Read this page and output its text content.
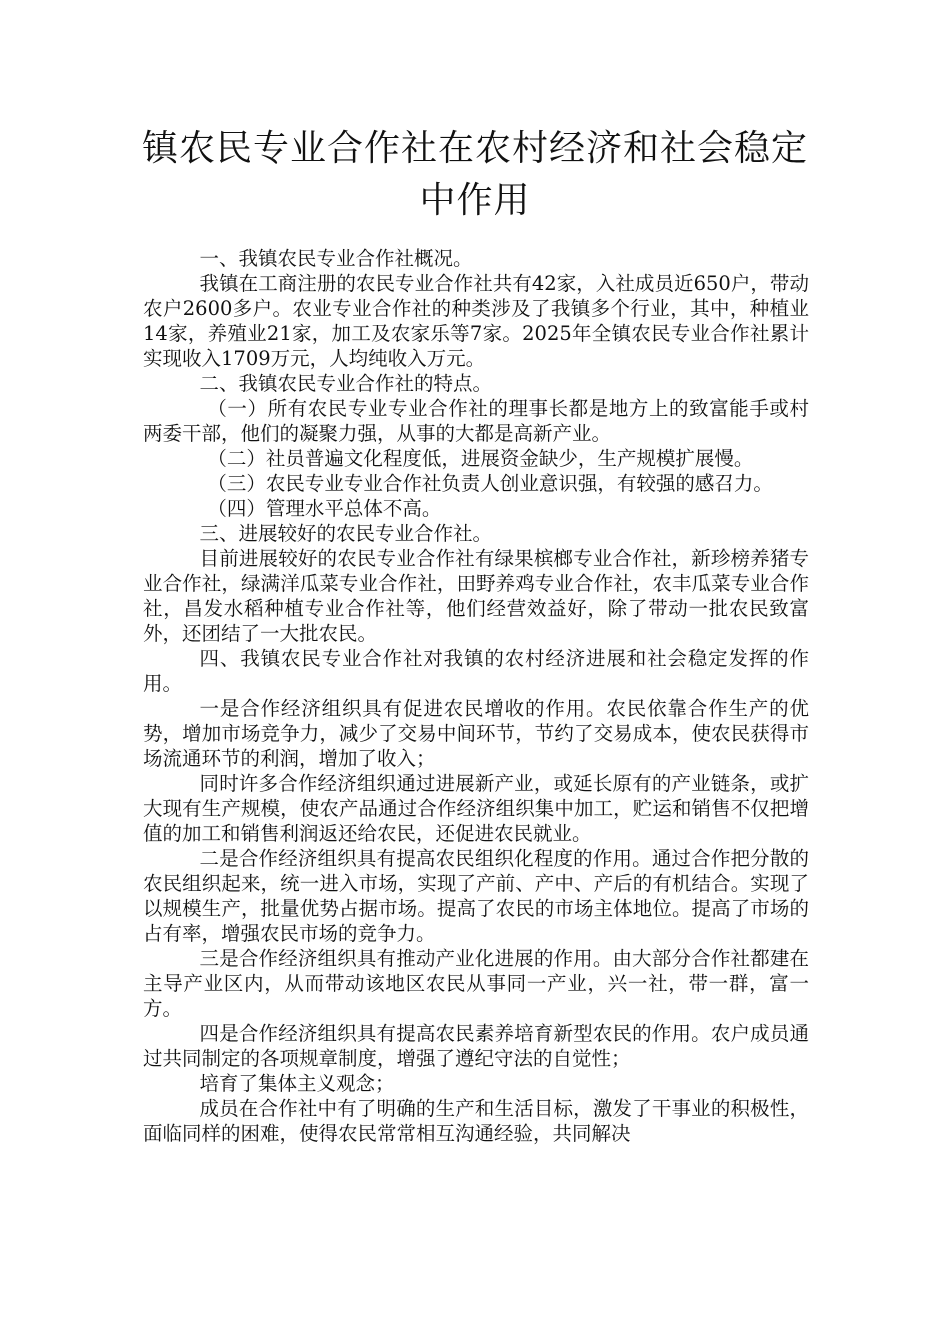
镇农民专业合作社在农村经济和社会稳定
中作用

一、我镇农民专业合作社概况。

我镇在工商注册的农民专业合作社共有42家，入社成员近650户，带动农户2600多户。农业专业合作社的种类涉及了我镇多个行业，其中，种植业14家，养殖业21家，加工及农家乐等7家。2025年全镇农民专业合作社累计实现收入1709万元，人均纯收入万元。

二、我镇农民专业合作社的特点。

（一）所有农民专业专业合作社的理事长都是地方上的致富能手或村两委干部，他们的凝聚力强，从事的大都是高新产业。

（二）社员普遍文化程度低，进展资金缺少，生产规模扩展慢。

（三）农民专业专业合作社负责人创业意识强，有较强的感召力。

（四）管理水平总体不高。

三、进展较好的农民专业合作社。

目前进展较好的农民专业合作社有绿果槟榔专业合作社，新珍榜养猪专业合作社，绿满洋瓜菜专业合作社，田野养鸡专业合作社，农丰瓜菜专业合作社，昌发水稻种植专业合作社等，他们经营效益好，除了带动一批农民致富外，还团结了一大批农民。

四、我镇农民专业合作社对我镇的农村经济进展和社会稳定发挥的作用。

一是合作经济组织具有促进农民增收的作用。农民依靠合作生产的优势，增加市场竞争力，减少了交易中间环节，节约了交易成本，使农民获得市场流通环节的利润，增加了收入；

同时许多合作经济组织通过进展新产业，或延长原有的产业链条，或扩大现有生产规模，使农产品通过合作经济组织集中加工，贮运和销售不仅把增值的加工和销售利润返还给农民，还促进农民就业。

二是合作经济组织具有提高农民组织化程度的作用。通过合作把分散的农民组织起来，统一进入市场，实现了产前、产中、产后的有机结合。实现了以规模生产，批量优势占据市场。提高了农民的市场主体地位。提高了市场的占有率，增强农民市场的竞争力。

三是合作经济组织具有推动产业化进展的作用。由大部分合作社都建在主导产业区内，从而带动该地区农民从事同一产业，兴一社，带一群，富一方。

四是合作经济组织具有提高农民素养培育新型农民的作用。农户成员通过共同制定的各项规章制度，增强了遵纪守法的自觉性；

培育了集体主义观念；

成员在合作社中有了明确的生产和生活目标，激发了干事业的积极性，面临同样的困难，使得农民常常相互沟通经验，共同解决
